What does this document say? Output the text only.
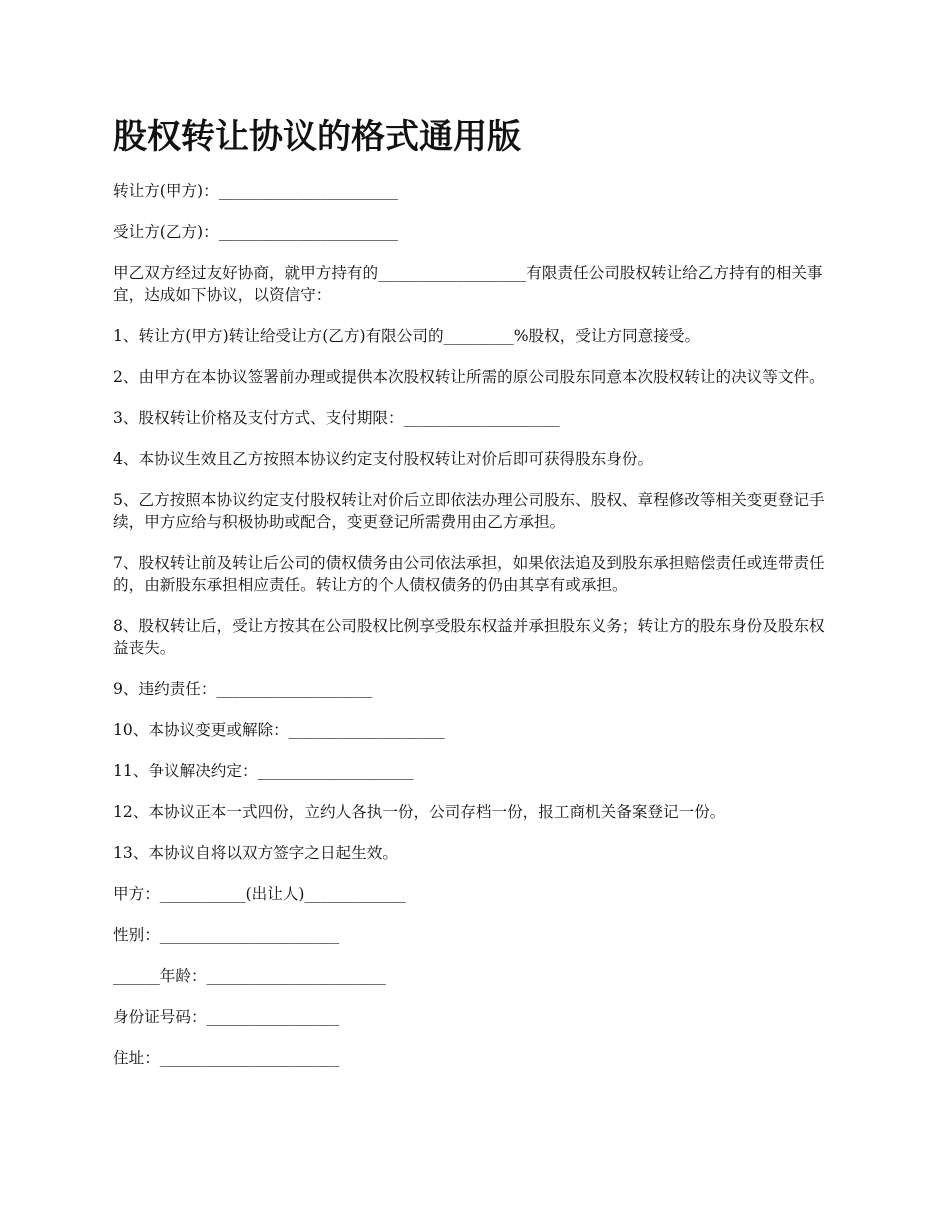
股权转让协议的格式通用版

转让方(甲方)：_______________________

受让方(乙方)：_______________________

甲乙双方经过友好协商，就甲方持有的___________________有限责任公司股权转让给乙方持有的相关事宜，达成如下协议，以资信守：

1、转让方(甲方)转让给受让方(乙方)有限公司的_________%股权，受让方同意接受。

2、由甲方在本协议签署前办理或提供本次股权转让所需的原公司股东同意本次股权转让的决议等文件。

3、股权转让价格及支付方式、支付期限：____________________

4、本协议生效且乙方按照本协议约定支付股权转让对价后即可获得股东身份。

5、乙方按照本协议约定支付股权转让对价后立即依法办理公司股东、股权、章程修改等相关变更登记手续，甲方应给与积极协助或配合，变更登记所需费用由乙方承担。

7、股权转让前及转让后公司的债权债务由公司依法承担，如果依法追及到股东承担赔偿责任或连带责任的，由新股东承担相应责任。转让方的个人债权债务的仍由其享有或承担。

8、股权转让后，受让方按其在公司股权比例享受股东权益并承担股东义务；转让方的股东身份及股东权益丧失。

9、违约责任：____________________

10、本协议变更或解除：____________________

11、争议解决约定：____________________

12、本协议正本一式四份，立约人各执一份，公司存档一份，报工商机关备案登记一份。

13、本协议自将以双方签字之日起生效。

甲方：___________(出让人)_____________

性别：_______________________

______年龄：_______________________

身份证号码：_________________

住址：_______________________
